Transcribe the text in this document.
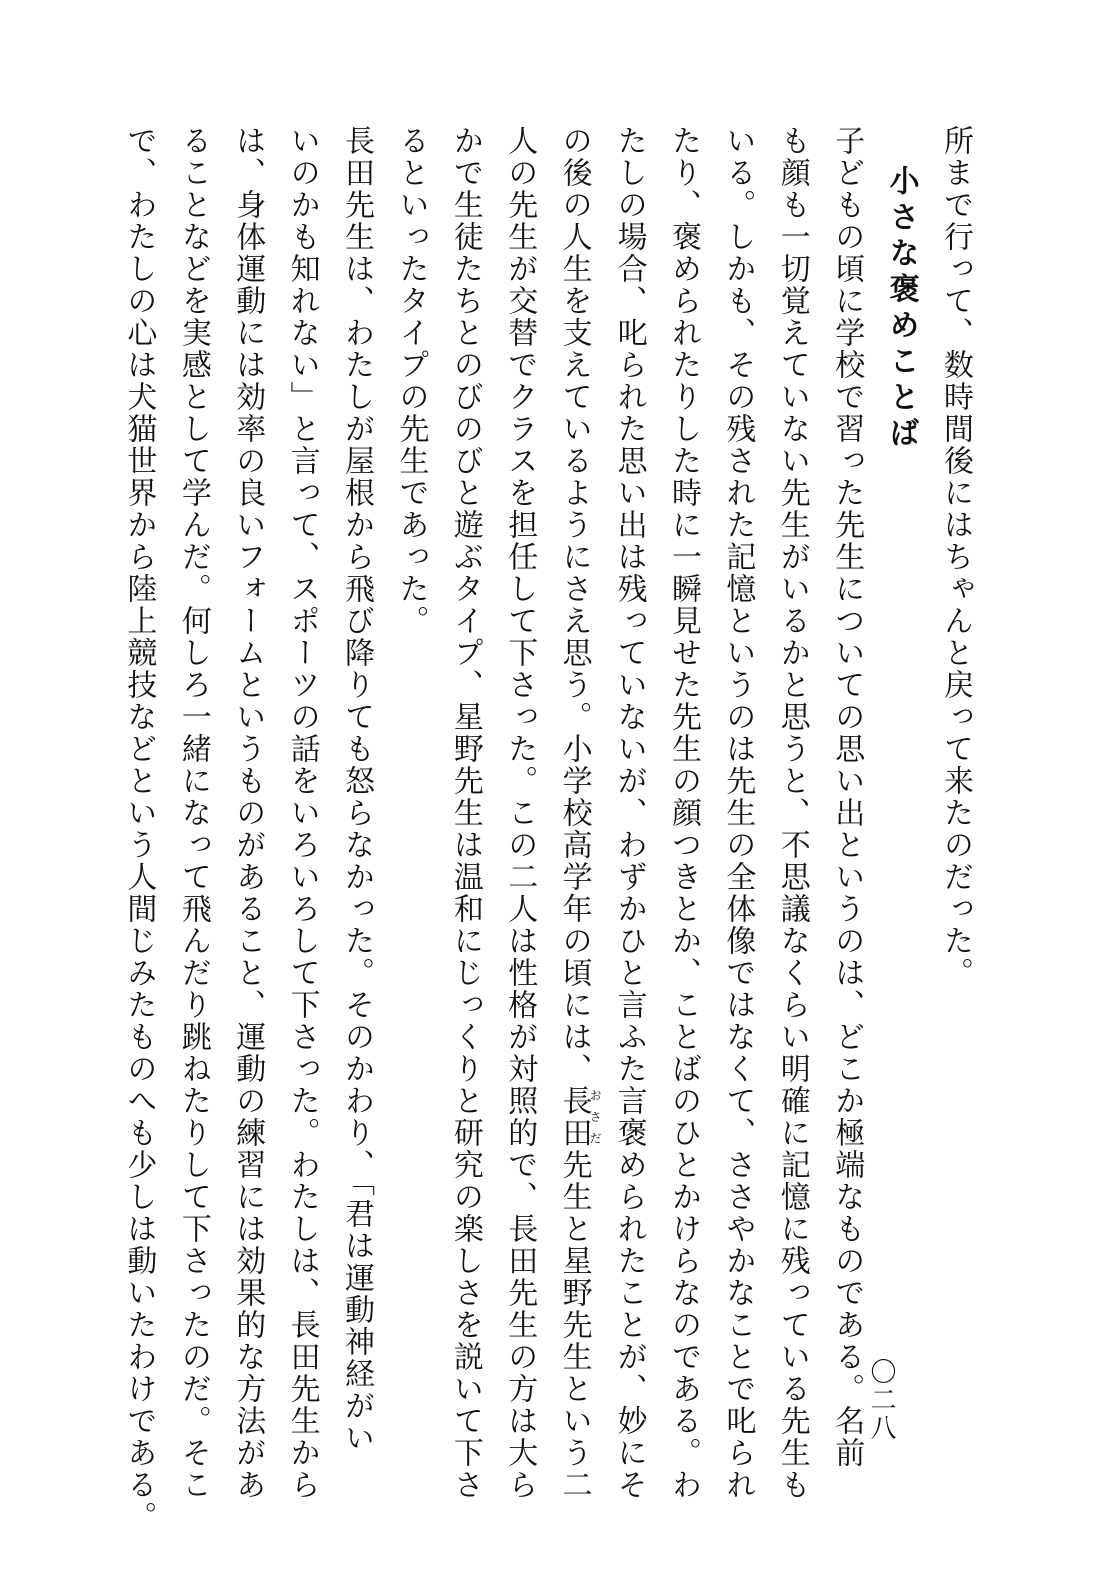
所まで行って、数時間後にはちゃんと戻って来たのだった。
小さな褒めことば
子どもの頃に学校で習った先生についての思い出というのは、どこか極端なものである。名前
も顔も一切覚えていない先生がいるかと思うと、不思議なくらい明確に記憶に残っている先生も
いる。しかも、その残された記憶というのは先生の全体像ではなくて、ささやかなことで叱られ
たり、褒められたりした時に一瞬見せた先生の顔つきとか、ことばのひとかけらなのである。わ
たしの場合、叱られた思い出は残っていないが、わずかひと言ふた言褒められたことが、妙にそ
の後の人生を支えているようにさえ思う。小学校高学年の頃には、長田おさだ先生と星野先生という二
人の先生が交替でクラスを担任して下さった。この二人は性格が対照的で、長田先生の方は大ら
かで生徒たちとのびのびと遊ぶタイプ、星野先生は温和にじっくりと研究の楽しさを説いて下さ
るといったタイプの先生であった。
長田先生は、わたしが屋根から飛び降りても怒らなかった。そのかわり、「君は運動神経がい
いのかも知れない」と言って、スポーツの話をいろいろして下さった。わたしは、長田先生から
は、身体運動には効率の良いフォームというものがあること、運動の練習には効果的な方法があ
ることなどを実感として学んだ。何しろ一緒になって飛んだり跳ねたりして下さったのだ。そこ
で、わたしの心は犬猫世界から陸上競技などという人間じみたものへも少しは動いたわけである。	〇二八
